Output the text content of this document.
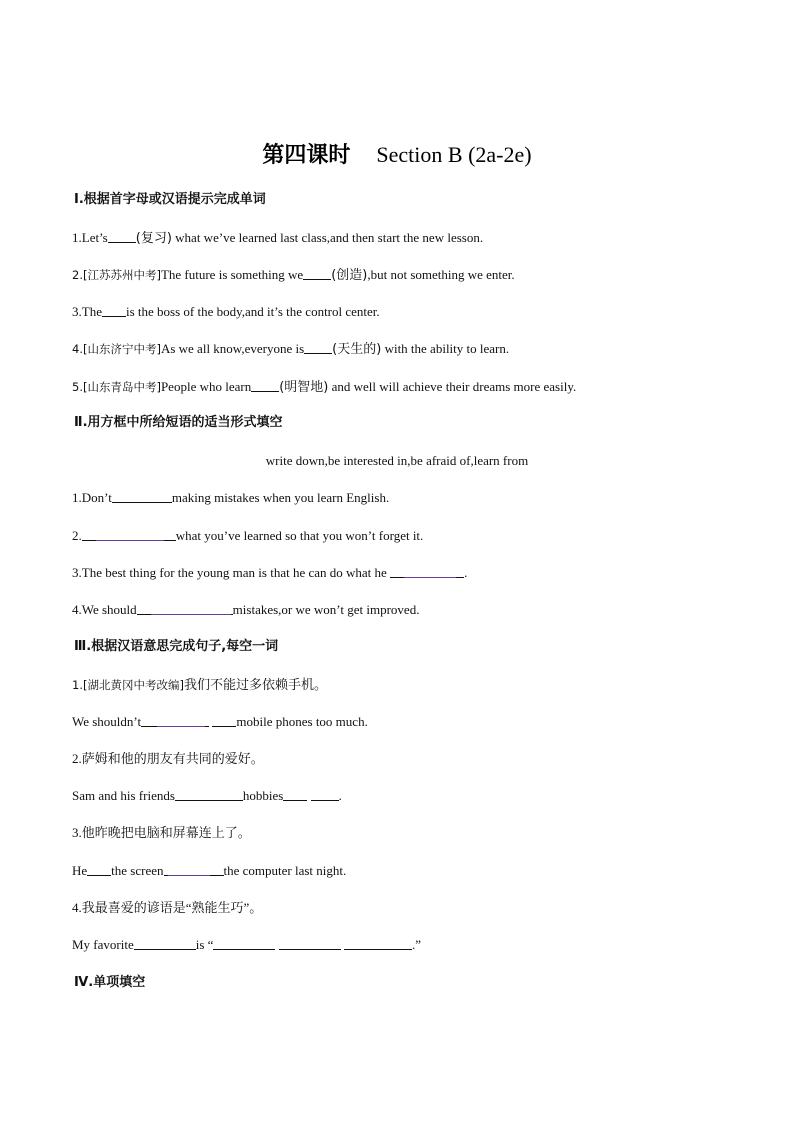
第四课时 Section B (2a-2e)
Ⅰ.根据首字母或汉语提示完成单词
1.Let’s (复习) what we’ve learned last class,and then start the new lesson.
2.[江苏苏州中考]The future is something we (创造),but not something we enter.
3.The is the boss of the body,and it’s the control center.
4.[山东济宁中考]As we all know,everyone is (天生的) with the ability to learn.
5.[山东青岛中考]People who learn (明智地) and well will achieve their dreams more easily.
Ⅱ.用方框中所给短语的适当形式填空
write down,be interested in,be afraid of,learn from
1.Don’t	making mistakes when you learn English.
2.	what you’ve learned so that you won’t forget it.
3.The best thing for the young man is that he can do what he	.
4.We should	mistakes,or we won’t get improved.
Ⅲ.根据汉语意思完成句子,每空一词
1.[湖北黄冈中考改编]我们不能过多依赖手机。
We shouldn’t	mobile phones too much.
2.萨姆和他的朋友有共同的爱好。
Sam and his friends	hobbies	.
3.他昨晚把电脑和屏幕连上了。
He the screen	the computer last night.
4.我最喜爱的谚语是“熟能生巧”。
My favorite	is “	.”
Ⅳ.单项填空
